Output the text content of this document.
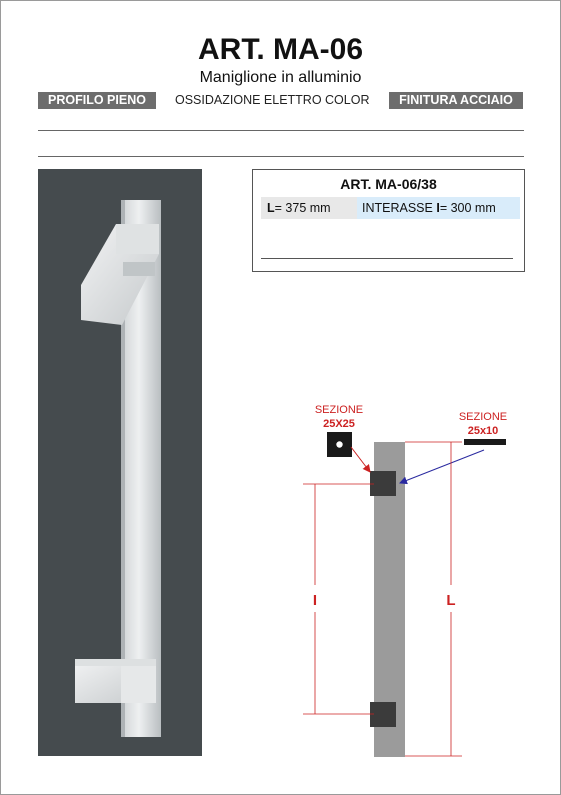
ART. MA-06
Maniglione in alluminio
PROFILO PIENO	OSSIDAZIONE ELETTRO COLOR	FINITURA ACCIAIO
ART. MA-06/38
L= 375 mm	INTERASSE I= 300 mm
SEZIONE
25X25
SEZIONE
25x10
I	L
